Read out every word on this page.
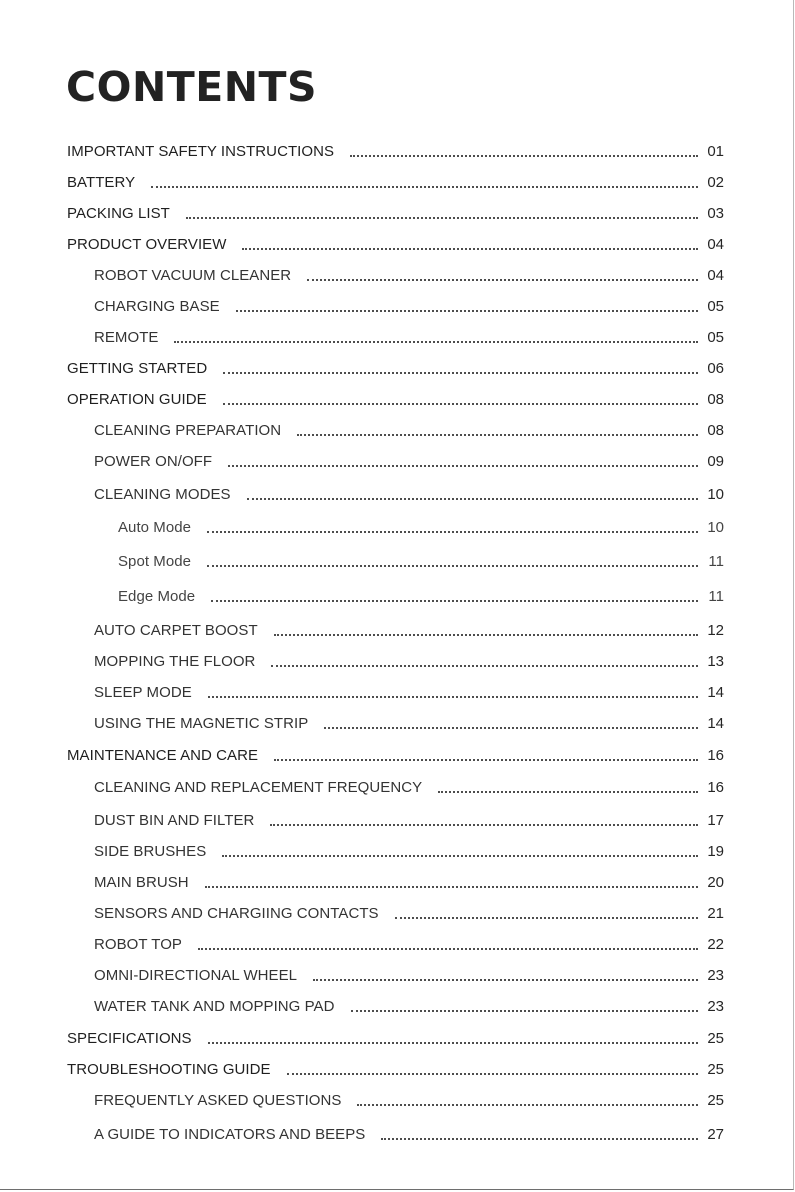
CONTENTS
IMPORTANT SAFETY INSTRUCTIONS	01
BATTERY	02
PACKING LIST	03
PRODUCT OVERVIEW	04
ROBOT VACUUM CLEANER	04
CHARGING BASE	05
REMOTE	05
GETTING STARTED	06
OPERATION GUIDE	08
CLEANING PREPARATION	08
POWER ON/OFF	09
CLEANING MODES	10
Auto Mode	10
Spot Mode	11
Edge Mode	11
AUTO CARPET BOOST	12
MOPPING THE FLOOR	13
SLEEP MODE	14
USING THE MAGNETIC STRIP	14
MAINTENANCE AND CARE	16
CLEANING AND REPLACEMENT FREQUENCY	16
DUST BIN AND FILTER	17
SIDE BRUSHES	19
MAIN BRUSH	20
SENSORS AND CHARGIING CONTACTS	21
ROBOT TOP	22
OMNI-DIRECTIONAL WHEEL	23
WATER TANK AND MOPPING PAD	23
SPECIFICATIONS	25
TROUBLESHOOTING GUIDE	25
FREQUENTLY ASKED QUESTIONS	25
A GUIDE TO INDICATORS AND BEEPS	27
